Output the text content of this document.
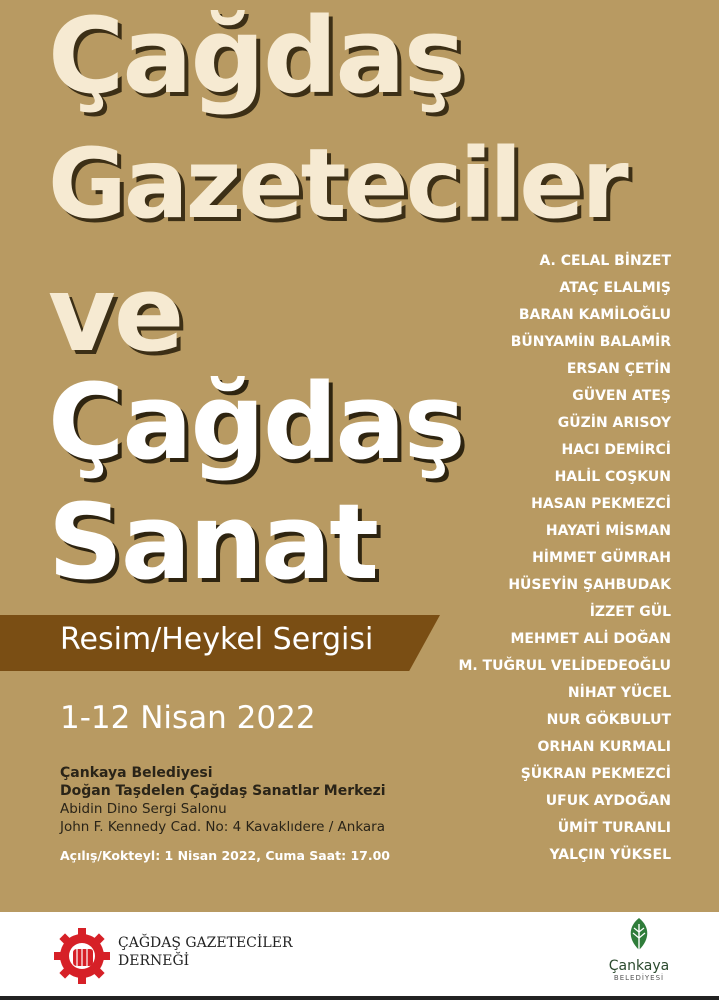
Çağdaş
Gazeteciler
ve
Çağdaş
Sanat
Resim/Heykel Sergisi
1-12 Nisan 2022
Çankaya Belediyesi
Doğan Taşdelen Çağdaş Sanatlar Merkezi
Abidin Dino Sergi Salonu
John F. Kennedy Cad. No: 4 Kavaklıdere / Ankara
Açılış/Kokteyl: 1 Nisan 2022, Cuma Saat: 17.00
A. CELAL BİNZET
ATAÇ ELALMIŞ
BARAN KAMİLOĞLU
BÜNYAMİN BALAMİR
ERSAN ÇETİN
GÜVEN ATEŞ
GÜZİN ARISOY
HACI DEMİRCİ
HALİL COŞKUN
HASAN PEKMEZCİ
HAYATİ MİSMAN
HİMMET GÜMRAH
HÜSEYİN ŞAHBUDAK
İZZET GÜL
MEHMET ALİ DOĞAN
M. TUĞRUL VELİDEDEOĞLU
NİHAT YÜCEL
NUR GÖKBULUT
ORHAN KURMALI
ŞÜKRAN PEKMEZCİ
UFUK AYDOĞAN
ÜMİT TURANLI
YALÇIN YÜKSEL
ÇAĞDAŞ GAZETECİLER
DERNEĞİ	Çankaya
BELEDİYESİ
